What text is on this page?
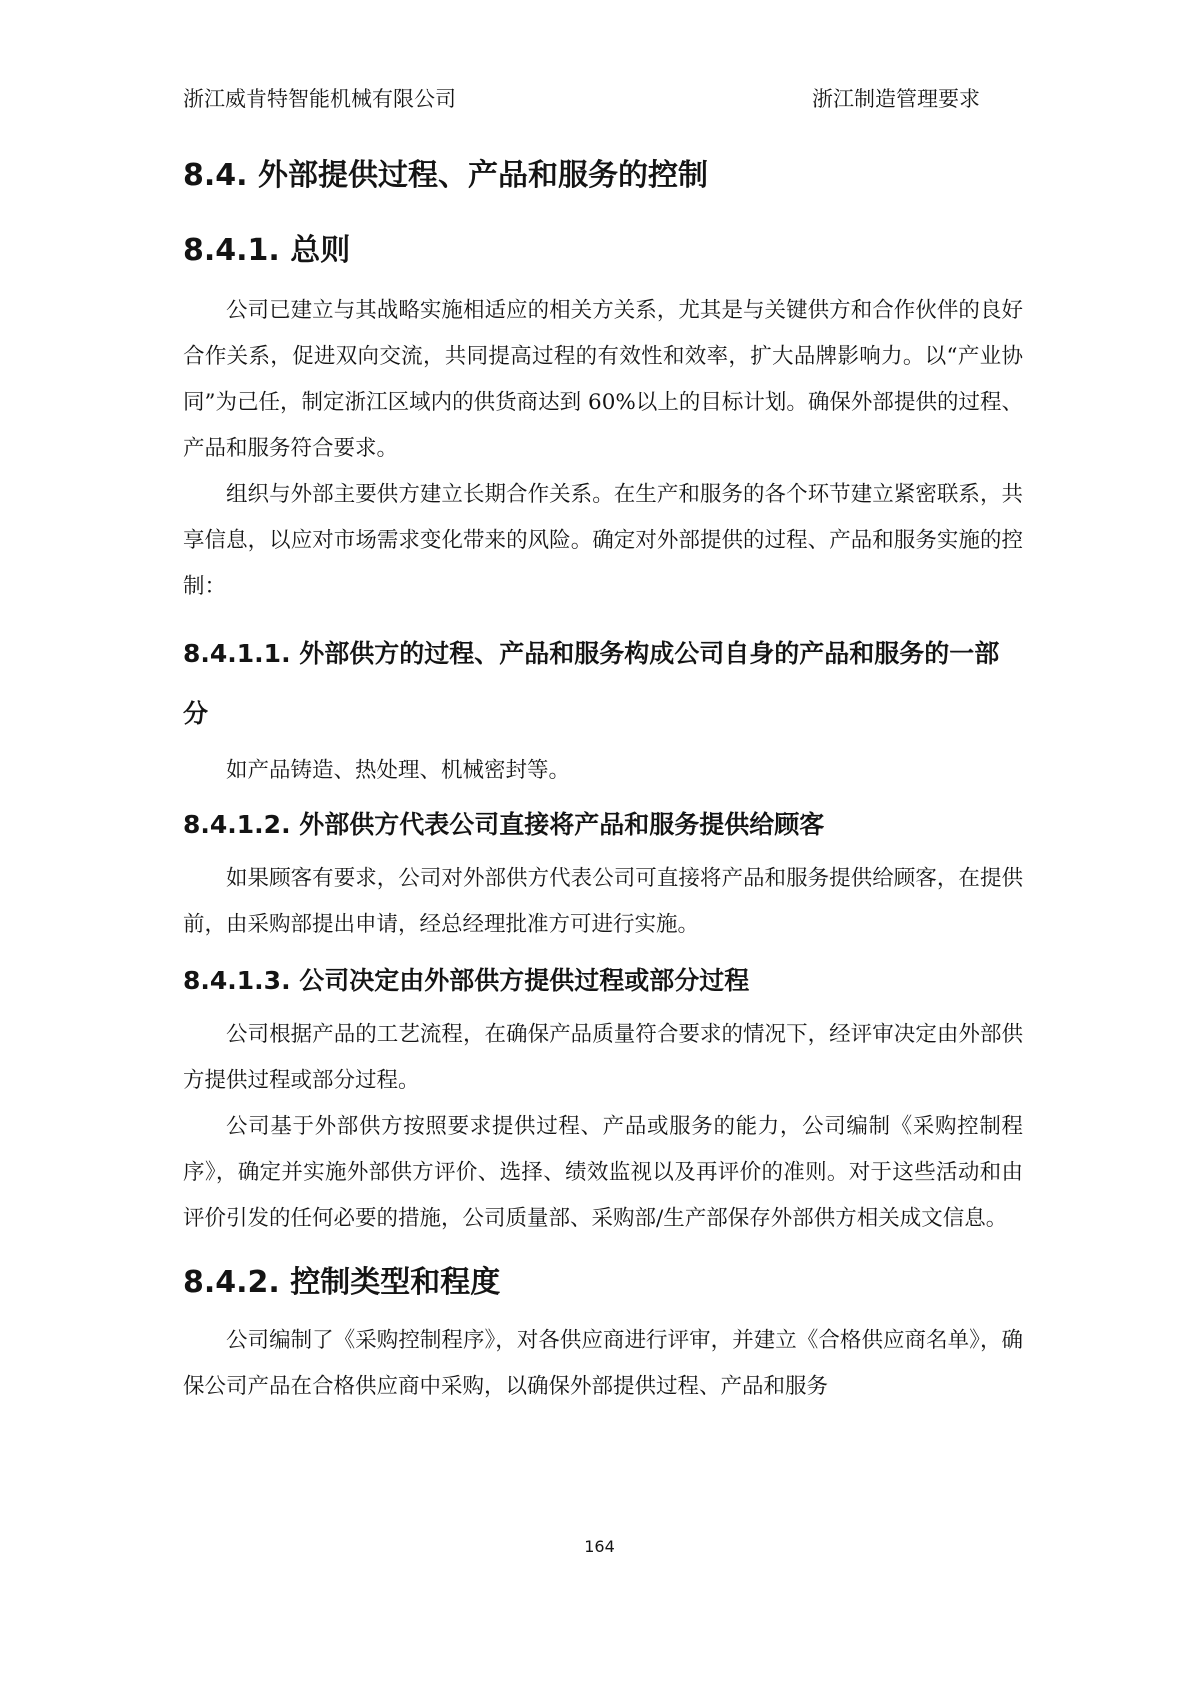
浙江威肯特智能机械有限公司	浙江制造管理要求
8.4. 外部提供过程、产品和服务的控制
8.4.1. 总则

公司已建立与其战略实施相适应的相关方关系，尤其是与关键供方和合作伙伴的良好合作关系，促进双向交流，共同提高过程的有效性和效率，扩大品牌影响力。以“产业协同”为己任，制定浙江区域内的供货商达到 60%以上的目标计划。确保外部提供的过程、产品和服务符合要求。

组织与外部主要供方建立长期合作关系。在生产和服务的各个环节建立紧密联系，共享信息，以应对市场需求变化带来的风险。确定对外部提供的过程、产品和服务实施的控制：

8.4.1.1. 外部供方的过程、产品和服务构成公司自身的产品和服务的一部分

如产品铸造、热处理、机械密封等。

8.4.1.2. 外部供方代表公司直接将产品和服务提供给顾客

如果顾客有要求，公司对外部供方代表公司可直接将产品和服务提供给顾客，在提供前，由采购部提出申请，经总经理批准方可进行实施。

8.4.1.3. 公司决定由外部供方提供过程或部分过程

公司根据产品的工艺流程，在确保产品质量符合要求的情况下，经评审决定由外部供方提供过程或部分过程。

公司基于外部供方按照要求提供过程、产品或服务的能力，公司编制《采购控制程序》，确定并实施外部供方评价、选择、绩效监视以及再评价的准则。对于这些活动和由评价引发的任何必要的措施，公司质量部、采购部/生产部保存外部供方相关成文信息。

8.4.2. 控制类型和程度

公司编制了《采购控制程序》，对各供应商进行评审，并建立《合格供应商名单》，确保公司产品在合格供应商中采购，以确保外部提供过程、产品和服务

164
